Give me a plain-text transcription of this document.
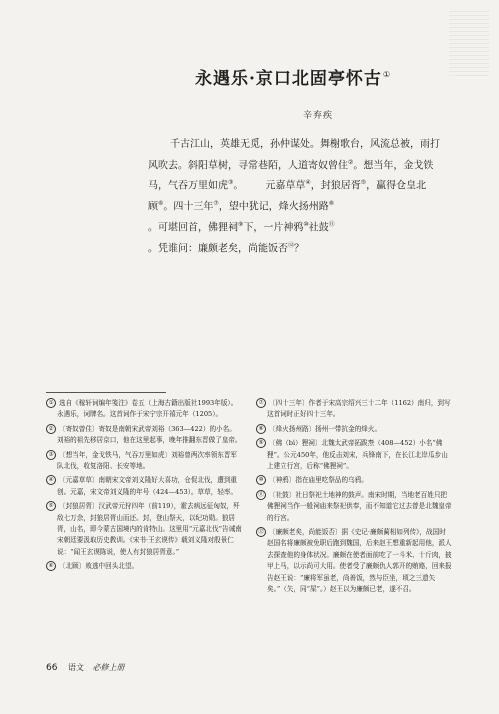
永遇乐·京口北固亭怀古①
辛弃疾

千古江山，英雄无觅，孙仲谋处。舞榭歌台，风流总被，雨打

风吹去。斜阳草树，寻常巷陌，人道寄奴曾住②。想当年，金戈铁

马，气吞万里如虎③。 元嘉草草④，封狼居胥⑤，赢得仓皇北

顾⑥。四十三年⑦，望中犹记，烽火扬州路⑧

。可堪回首，佛狸祠⑨下，一片神鸦⑩社鼓⑪

。凭谁问：廉颇老矣，尚能饭否⑫？

① 选自《稼轩词编年笺注》卷五（上海古籍出版社1993年版）。永遇乐，词牌名。这首词作于宋宁宗开禧元年（1205）。

② 〔寄奴曾住〕寄奴是南朝宋武帝刘裕（363—422）的小名。刘裕的祖先移居京口，他在这里起事，晚年推翻东晋做了皇帝。

③ 〔想当年，金戈铁马，气吞万里如虎〕刘裕曾两次率领东晋军队北伐，收复洛阳、长安等地。

④ 〔元嘉草草〕南朝宋文帝刘义隆好大喜功，仓促北伐，遭到重创。元嘉，宋文帝刘义隆的年号（424—453）。草草，轻率。

⑤ 〔封狼居胥〕汉武帝元狩四年（前119），霍去病远征匈奴，歼敌七万余，封狼居胥山而还。封，登山祭天，以纪功勋。狼居胥，山名，即今蒙古国境内的肯特山。这里用“元嘉北伐”告诫南宋朝廷要汲取历史教训。《宋书·王玄谟传》载刘义隆对殷景仁说：“闻王玄谟陈说，使人有封狼居胥意。”

⑥ 〔北顾〕败逃中回头北望。

⑦ 〔四十三年〕作者于宋高宗绍兴三十二年（1162）南归，到写这首词时正好四十三年。

⑧ 〔烽火扬州路〕扬州一带抗金的烽火。

⑨ 〔佛（bì）狸祠〕北魏太武帝拓跋焘（408—452）小名“佛狸”。公元450年，他反击刘宋，兵锋南下，在长江北岸瓜步山上建立行宫，后称“佛狸祠”。

⑩ 〔神鸦〕指在庙里吃祭品的乌鸦。

⑪ 〔社鼓〕社日祭祀土地神的鼓声。南宋时期，当地老百姓只把佛狸祠当作一般祠庙来祭祀供奉，而不知道它过去曾是北魏皇帝的行宫。

⑫ 〔廉颇老矣，尚能饭否〕据《史记·廉颇蔺相如列传》，战国时赵国名将廉颇被免职后跑到魏国，后来赵王想重新起用他，派人去探查他的身体状况。廉颇在使者面前吃了一斗米、十斤肉，披甲上马，以示尚可大用。使者受了廉颇仇人郭开的贿赂，回来报告赵王说：“廉将军虽老，尚善饭，然与臣坐，顷之三遗矢矣。”（矢，同“屎”。）赵王以为廉颇已老，遂不召。

66 语文 必修上册
